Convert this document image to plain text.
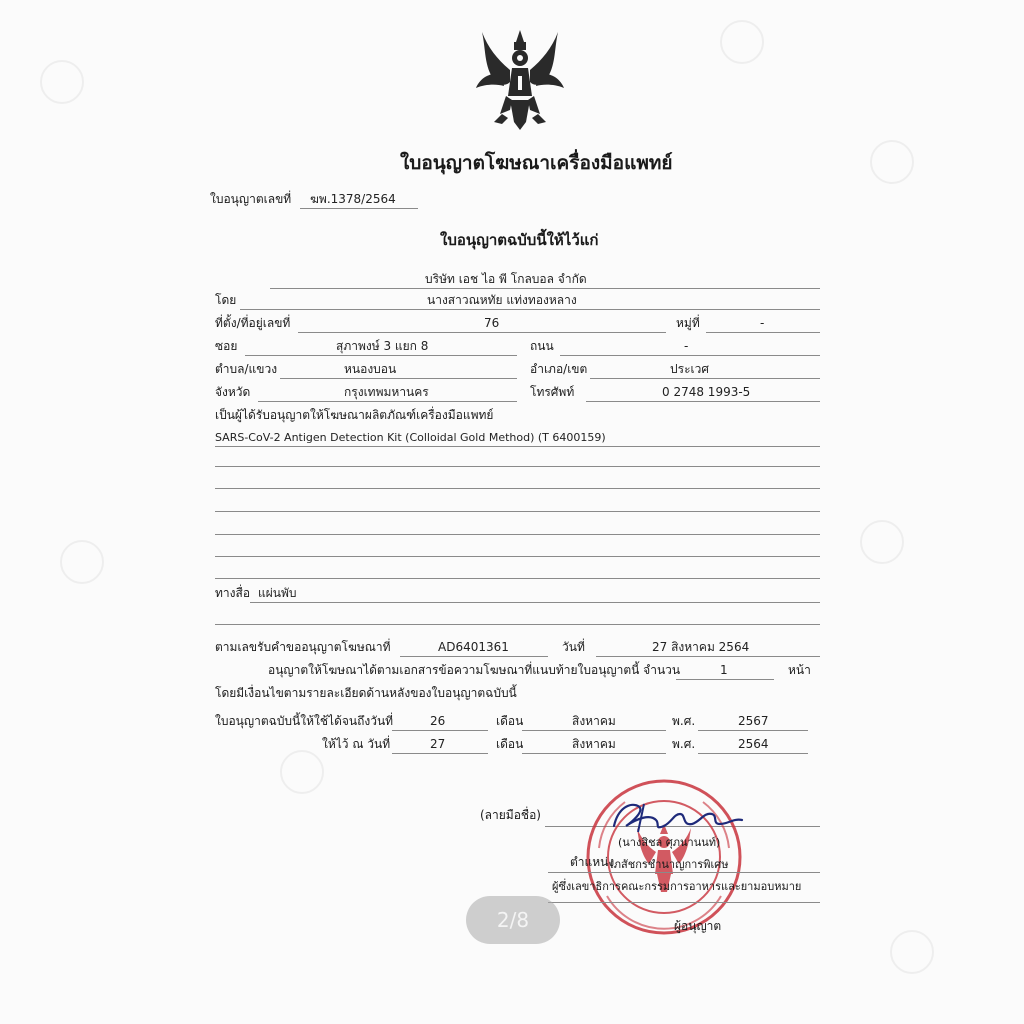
ใบอนุญาตโฆษณาเครื่องมือแพทย์
ใบอนุญาตเลขที่ ฆพ.1378/2564
ใบอนุญาตฉบับนี้ให้ไว้แก่
บริษัท เอช ไอ พี โกลบอล จำกัด
โดย	นางสาวณหทัย แท่งทองหลาง
ที่ตั้ง/ที่อยู่เลขที่	76	หมู่ที่	-
ซอย	สุภาพงษ์ 3 แยก 8	ถนน	-
ตำบล/แขวง	หนองบอน	อำเภอ/เขต	ประเวศ
จังหวัด	กรุงเทพมหานคร	โทรศัพท์	0 2748 1993-5
เป็นผู้ได้รับอนุญาตให้โฆษณาผลิตภัณฑ์เครื่องมือแพทย์
SARS-CoV-2 Antigen Detection Kit (Colloidal Gold Method) (T 6400159)
ทางสื่อ แผ่นพับ
ตามเลขรับคำขออนุญาตโฆษณาที่	AD6401361	วันที่	27 สิงหาคม 2564
อนุญาตให้โฆษณาได้ตามเอกสารข้อความโฆษณาที่แนบท้ายใบอนุญาตนี้ จำนวน	1	หน้า
โดยมีเงื่อนไขตามรายละเอียดด้านหลังของใบอนุญาตฉบับนี้
ใบอนุญาตฉบับนี้ให้ใช้ได้จนถึงวันที่	26	เดือน	สิงหาคม	พ.ศ.	2567
ให้ไว้ ณ วันที่	27	เดือน	สิงหาคม	พ.ศ.	2564
(ลายมือชื่อ)
(นางสิชล ศุภนานนท์)
ตำแหน่ง
เภสัชกรชำนาญการพิเศษ
ผู้ซึ่งเลขาธิการคณะกรรมการอาหารและยามอบหมาย
ผู้อนุญาต
2/8
